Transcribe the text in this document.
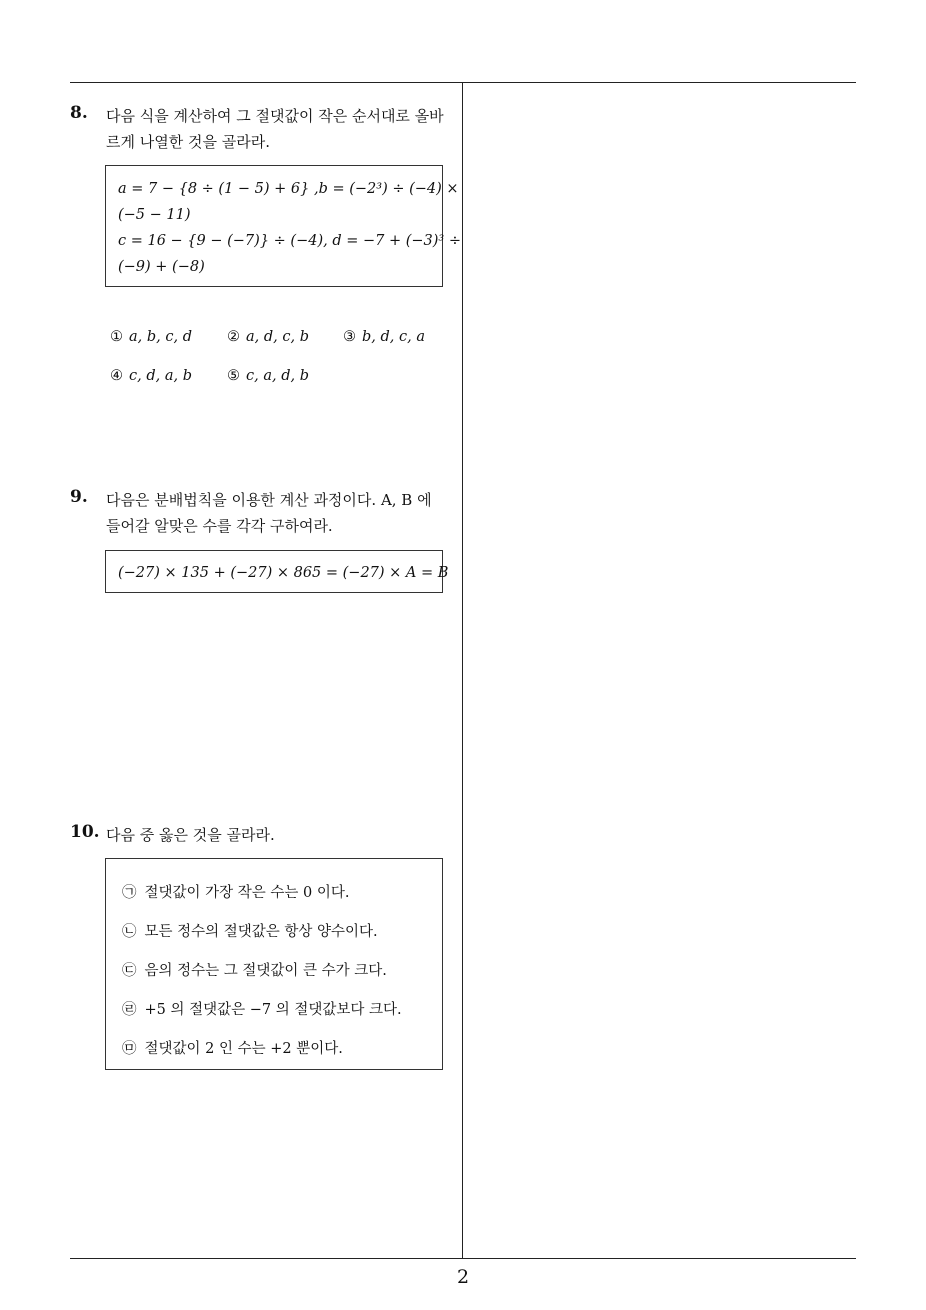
8. 다음 식을 계산하여 그 절댓값이 작은 순서대로 올바
르게 나열한 것을 골라라.
a = 7 − {8 ÷ (1 − 5) + 6} ,b = (−2³) ÷ (−4) ×
(−5 − 11)
c = 16 − {9 − (−7)} ÷ (−4), d = −7 + (−3)³ ÷
(−9) + (−8)
① a, b, c, d ② a, d, c, b ③ b, d, c, a
④ c, d, a, b ⑤ c, a, d, b
9. 다음은 분배법칙을 이용한 계산 과정이다. A, B 에
들어갈 알맞은 수를 각각 구하여라.
(−27) × 135 + (−27) × 865 = (−27) × A = B
10. 다음 중 옳은 것을 골라라.
㉠ 절댓값이 가장 작은 수는 0 이다.
㉡ 모든 정수의 절댓값은 항상 양수이다.
㉢ 음의 정수는 그 절댓값이 큰 수가 크다.
㉣ +5 의 절댓값은 −7 의 절댓값보다 크다.
㉤ 절댓값이 2 인 수는 +2 뿐이다.
2
